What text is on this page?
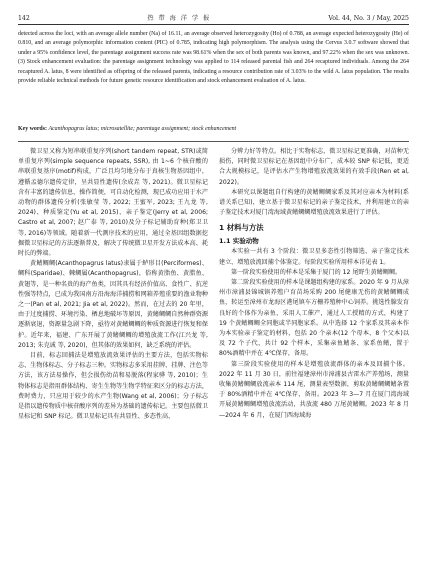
142	热 带 海 洋 学 报	Vol. 44, No. 3 / May, 2025
detected across the loci, with an average allele number (Na) of 16.11, an average observed heterozygosity (Ho) of 0.788, an average expected heterozygosity (He) of 0.810, and an average polymorphic information content (PIC) of 0.785, indicating high polymorphism. The analysis using the Cervus 3.0.7 software showed that under a 95% confidence level, the parentage assignment success rate was 98.61% when the sex of both parents was known, and 97.22% when the sex was unknown. (3) Stock enhancement evaluation: the parentage assignment technology was applied to 114 released parental fish and 264 recaptured individuals. Among the 264 recaptured A. latus, 8 were identified as offspring of the released parents, indicating a resource contribution rate of 3.03% to the wild A. latus population. The results provide reliable technical methods for future genetic resource identification and stock enhancement evaluation of A. latus.
Key words: Acanthopagrus latus; microsatellite; parentage assignment; stock enhancement

微卫星又称为短串联重复序列(short tandem repeat, STR)或简单重复序列(simple sequence repeats, SSR), 由 1~6 个核苷酸的串联重复基序(motif)构成，广泛且均匀地分布于真核生物基因组中，遵循孟德尔遗传定律，呈共显性遗传(余成垚 等, 2021)。微卫星标记含有丰富的遗传信息，操作简便，可自动化检测，现已成功应用于水产动物的群体遗传分析(张敏莹 等, 2022; 王蜜军, 2023; 王九龙 等, 2024)、种质鉴定(Yu et al, 2015)、亲子鉴定(Jerry et al, 2006; Castro et al, 2007; 赵广泰 等, 2010)及分子标记辅助育种(郑卫卫 等, 2016)等领域。随着新一代测序技术的应用，通过全基因组数据挖掘微卫星标记的方法逐渐普及，解决了传统微卫星开发方法成本高、耗时长的弊端。

黄鳍鲷鲷(Acanthopagrus latus)隶属于鲈形目(Perciformes)、鲷科(Sparidae)、棘鲷属(Acanthopagrus)，俗称黄脂鱼、黄腊鱼、黄翅等，是一种名贵的海产鱼类，因其具有经济价值高、食性广、抗逆性强等特点，已成为我国南方沿海海洋捕捞和网箱养殖重要的渔业物种之一(Pan et al, 2021; Jia et al, 2022)。然而，在过去的 20 年里，由于过度捕捞、环境污染、栖息地破坏等原因，黄鳍鲷鲷自然种群资源逐渐衰退，资源量急剧下降，亟待对黄鳍鲷鲷的种质资源进行恢复和保护。近年来，福建、广东开展了黄鳍鲷鲷的增殖放流工作(江兴龙 等, 2013; 朱克诚 等, 2020)，但其体的效果如何，缺乏系统的评估。

目前，标志回捕法是增殖放流效果评估的主要方法，包括实物标志、生物体标志、分子标志三种。实物标志多采用挂牌、挂牌、注色等方法，该方法易操作，但会损伤幼苗和易脱落(程家骅 等, 2010)；生物体标志是指用群体结构、寄生生物等生物学特征来区分的标志方法，费时费力，只应用于较少的水产生物(Wang et al, 2006)；分子标志是指以遗传物质中核苷酸序列的差异为基础的遗传标记。主要包括微卫星标记和 SNP 标记。微卫星标记具有共显性、多态性高、

分辨力好等特点。相比于实物标志，微卫星标记更准确，对苗种无损伤，同时微卫星标记在基因组中分布广，成本较 SNP 标记低，更适合大规模标记，是评估水产生物增殖放流效果的有效手段(Ren et al, 2022)。

本研究以课题组自行构建的黄鳍鲷鲷家系及其对应亲本为材料(系谱关系已知)，建立基于微卫星标记的亲子鉴定技术，并利用建立的亲子鉴定技术对厦门湾海域黄鳍鲷鲷增殖放流效果进行了评估。

1 材料与方法
1.1 实验动物

本实验一共有 3 个阶段：微卫星多态性引物筛选、亲子鉴定技术建立、增殖放流回捕个体鉴定。每阶段实验所用样本详见表 1。

第一阶段实验使用的样本是采集于厦门的 12 尾野生黄鳍鲷鲷。

第二阶段实验使用的样本是课题组构建的家系。2020 年 9 月从漳州市漳浦县锦城镇养殖户育苗场采购 200 尾健康无伤的黄鳍鲷鲷成鱼，转运至漳州市龙海区港尾镇车方栅养殖种中心饲养。挑选性腺发育良好的个体作为亲鱼，采用人工催产，通过人工授精的方式，构建了 19 个黄鳍鲷鲷全同胞或半同胞家系。从中选择 12 个家系及其亲本作为本实验亲子鉴定的材料，包括 20 个亲本(12 个母本、8 个父本)以及 72 个子代，共计 92 个样本，采集亲鱼鳍条、家系鱼鳍，置于 80%酒精中并在 4℃保存，备用。

第三阶段实验使用的样本是增殖放流群体的亲本及回捕个体。2022 年 11 月 30 日，前往福建漳州市漳浦县古雷水产养殖场，测量收集黄鳍鲷鲷放流亲本 114 尾，测量表型数据，剪取黄鳍鲷鲷鳍条置于 80%酒精中并在 4℃保存，备用。2023 年 3—7 月在厦门湾海域开展黄鳍鲷鲷增殖放流活动，共放流 480 万尾黄鳍鲷。2023 年 8 月—2024 年 6 月，在厦门西海域海
